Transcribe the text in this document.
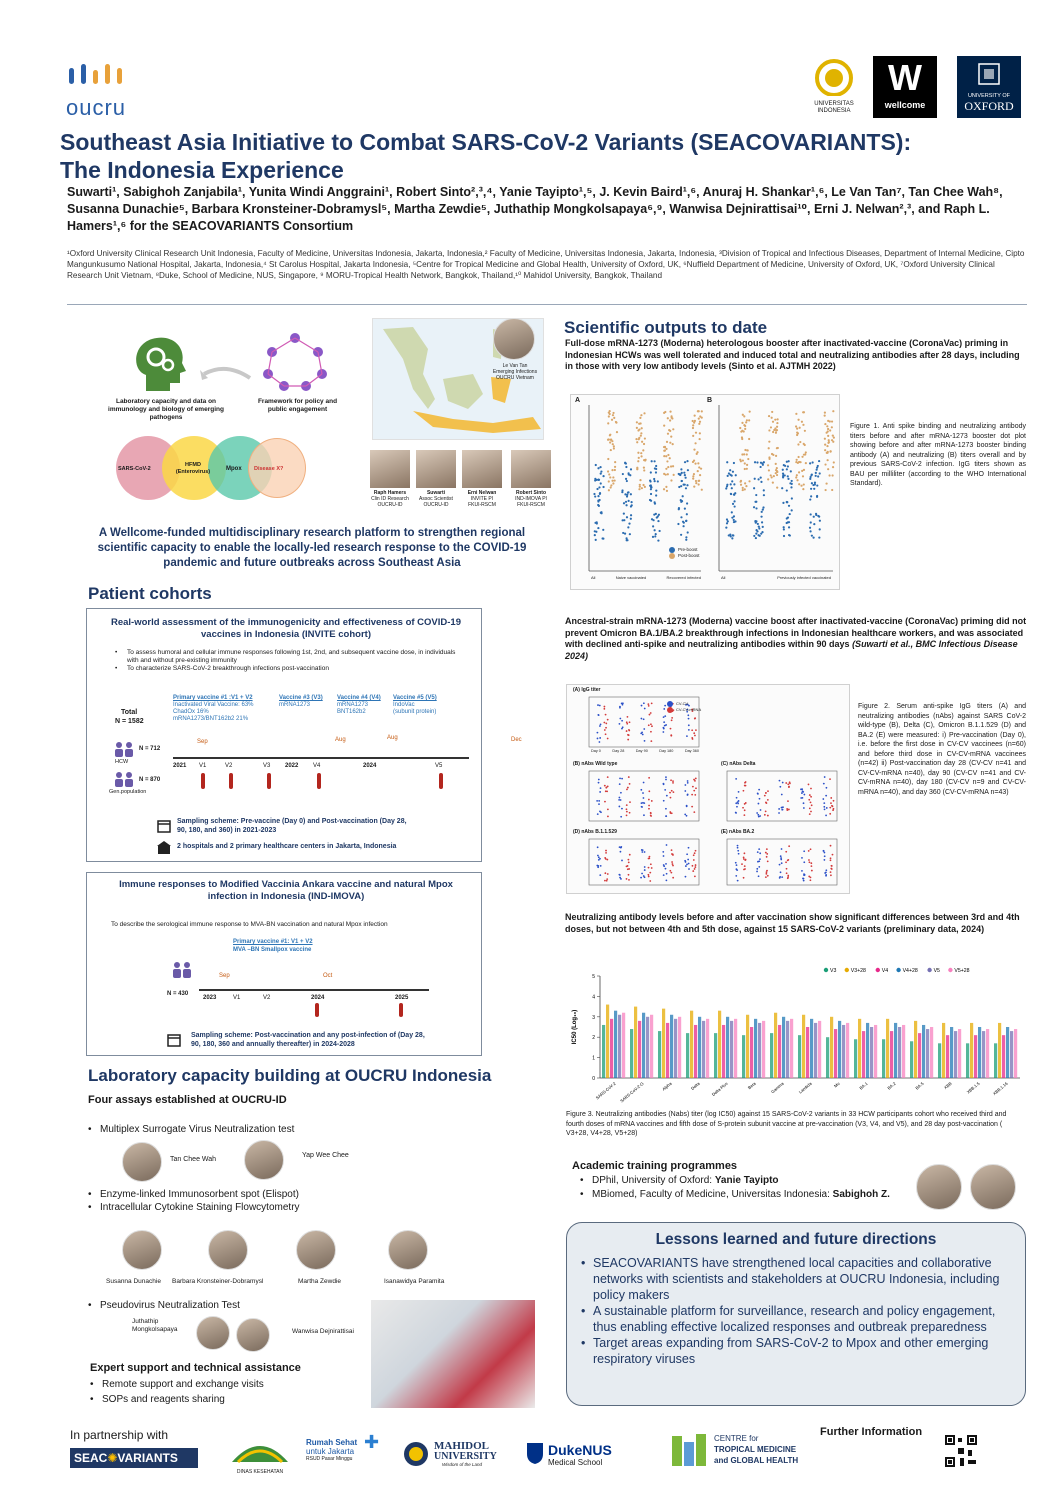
oucru	UNIVERSITAS INDONESIA
W
wellcome
UNIVERSITY OF
OXFORD
Southeast Asia Initiative to Combat SARS-CoV-2 Variants (SEACOVARIANTS):
The Indonesia Experience
Suwarti¹, Sabighoh Zanjabila¹, Yunita Windi Anggraini¹, Robert Sinto²,³,⁴, Yanie Tayipto¹,⁵, J. Kevin Baird¹,⁶, Anuraj H. Shankar¹,⁶, Le Van Tan⁷, Tan Chee Wah⁸, Susanna Dunachie⁵, Barbara Kronsteiner-Dobramysl⁵, Martha Zewdie⁵, Juthathip Mongkolsapaya⁶,⁹, Wanwisa Dejnirattisai¹⁰, Erni J. Nelwan²,³, and Raph L. Hamers¹,⁶ for the SEACOVARIANTS Consortium
¹Oxford University Clinical Research Unit Indonesia, Faculty of Medicine, Universitas Indonesia, Jakarta, Indonesia,² Faculty of Medicine, Universitas Indonesia, Jakarta, Indonesia, ³Division of Tropical and Infectious Diseases, Department of Internal Medicine, Cipto Mangunkusumo National Hospital, Jakarta, Indonesia,⁴ St Carolus Hospital, Jakarta Indonesia, ⁵Centre for Tropical Medicine and Global Health, University of Oxford, UK, ⁶Nuffield Department of Medicine, University of Oxford, UK, ⁷Oxford University Clinical Research Unit Vietnam, ⁸Duke, School of Medicine, NUS, Singapore, ⁹ MORU-Tropical Health Network, Bangkok, Thailand,¹⁰ Mahidol University, Bangkok, Thailand
Laboratory capacity and data on immunology and biology of emerging pathogens
Framework for policy and public engagement
SARS-CoV-2
HFMD (Enterovirus)	Mpox Disease X?
Le Van Tan
Emerging Infections
OUCRU Vietnam
Raph Hamers
Clin ID Research
OUCRU-ID
Suwarti
Assoc Scientist
OUCRU-ID
Erni Nelwan
INVITE PI
FKUI-RSCM
Robert Sinto
IND-IMOVA PI
FKUI-RSCM
A Wellcome-funded multidisciplinary research platform to strengthen regional scientific capacity to enable the locally-led research response to the COVID-19 pandemic and future outbreaks across Southeast Asia
Patient cohorts
Real-world assessment of the immunogenicity and effectiveness of COVID-19 vaccines in Indonesia (INVITE cohort)
• To assess humoral and cellular immune responses following 1st, 2nd, and subsequent vaccine dose, in individuals with and without pre-existing immunity
• To characterize SARS-CoV-2 breakthrough infections post-vaccination
Primary vaccine #1 :V1 + V2
Inactivated Viral Vaccine: 63%
ChadOx 16%
mRNA1273/BNT162b2 21%
Vaccine #3 (V3)
mRNA1273
Vaccine #4 (V4)
mRNA1273
BNT162b2
Vaccine #5 (V5)
IndoVac
(subunit protein)
Total
N = 1582
N = 712
HCW
N = 870
Gen.population
Sep	Aug	Aug	Dec
2021	2022	2024
V1	V2	V3	V4	V5
Sampling scheme: Pre-vaccine (Day 0) and Post-vaccination (Day 28, 90, 180, and 360) in 2021-2023
2 hospitals and 2 primary healthcare centers in Jakarta, Indonesia
Immune responses to Modified Vaccinia Ankara vaccine and natural Mpox infection in Indonesia (IND-IMOVA)
To describe the serological immune response to MVA-BN vaccination and natural Mpox infection
Primary vaccine #1: V1 + V2
MVA –BN Smallpox vaccine
N = 430
Sep	Oct
2023	2024	2025
V1	V2
Sampling scheme: Post-vaccination and any post-infection of (Day 28, 90, 180, 360 and annually thereafter) in 2024-2028
Laboratory capacity building at OUCRU Indonesia
Four assays established at OUCRU-ID
• Multiplex Surrogate Virus Neutralization test
Tan Chee Wah
Yap Wee Chee
• Enzyme-linked Immunosorbent spot (Elispot)
• Intracellular Cytokine Staining Flowcytometry
Susanna Dunachie Barbara Kronsteiner-Dobramysl	Martha Zewdie	Isanawidya Paramita
• Pseudovirus Neutralization Test
Juthathip Mongkolsapaya	Wanwisa Dejnirattisai
Expert support and technical assistance
• Remote support and exchange visits
• SOPs and reagents sharing
Scientific outputs to date
Full-dose mRNA-1273 (Moderna) heterologous booster after inactivated-vaccine (CoronaVac) priming in Indonesian HCWs was well tolerated and induced total and neutralizing antibodies after 28 days, including in those with very low antibody levels (Sinto et al. AJTMH 2022)
A	B
Pre-boost
Post-boost
All	Naive vaccinated	Recovered infected	All	Previously infected vaccinated
Figure 1. Anti spike binding and neutralizing antibody titers before and after mRNA-1273 booster dot plot showing before and after mRNA-1273 booster binding antibody (A) and neutralizing (B) titers overall and by previous SARS-CoV-2 infection. IgG titers shown as BAU per milliliter (according to the WHO International Standard).
Ancestral-strain mRNA-1273 (Moderna) vaccine boost after inactivated-vaccine (CoronaVac) priming did not prevent Omicron BA.1/BA.2 breakthrough infections in Indonesian healthcare workers, and was associated with declined anti-spike and neutralizing antibodies within 90 days (Suwarti et al., BMC Infectious Disease 2024)
(A) IgG titer
(B) nAbs Wild type	(C) nAbs Delta
(D) nAbs B.1.1.529	(E) nAbs BA.2
CV-CV
CV-CV-mRNA
Day 0	Day 28	Day 90	Day 180	Day 360
Figure 2. Serum anti-spike IgG titers (A) and neutralizing antibodies (nAbs) against SARS CoV-2 wild-type (B), Delta (C), Omicron B.1.1.529 (D) and BA.2 (E) were measured: i) Pre-vaccination (Day 0), i.e. before the first dose in CV-CV vaccinees (n=60) and before third dose in CV-CV-mRNA vaccinees (n=42) ii) Post-vaccination day 28 (CV-CV n=41 and CV-CV-mRNA n=40), day 90 (CV-CV n=41 and CV-CV-mRNA n=40), day 180 (CV-CV n=9 and CV-CV-mRNA n=40), and day 360 (CV-CV-mRNA n=43)
Neutralizing antibody levels before and after vaccination show significant differences between 3rd and 4th doses, but not between 4th and 5th dose, against 15 SARS-CoV-2 variants (preliminary data, 2024)
0
1
2
3
4
5
IC50 (Log₁₀)
SARS-CoV-2 SARS-CoV-2-G	Alpha	Delta Delta Plus	Beta	Gamma	Lambda	Mu	BA.1	BA.2	BA.5	XBB	XBB.1.5	XBB.1.16
V3	V3+28	V4	V4+28	V5	V5+28
Figure 3. Neutralizing antibodies (Nabs) titer (log IC50) against 15 SARS-CoV-2 variants in 33 HCW participants cohort who received third and fourth doses of mRNA vaccines and fifth dose of S-protein subunit vaccine at pre-vaccination (V3, V4, and V5), and 28 day post-vaccination ( V3+28, V4+28, V5+28)
Academic training programmes
• DPhil, University of Oxford: Yanie Tayipto
• MBiomed, Faculty of Medicine, Universitas Indonesia: Sabighoh Z.
Lessons learned and future directions
• SEACOVARIANTS have strengthened local capacities and collaborative networks with scientists and stakeholders at OUCRU Indonesia, including policy makers
• A sustainable platform for surveillance, research and policy engagement, thus enabling effective localized responses and outbreak preparedness
• Target areas expanding from SARS-CoV-2 to Mpox and other emerging respiratory viruses
In partnership with
SEAC✺VARIANTS
DINAS KESEHATAN
Rumah Sehat
untuk Jakarta
RSUD Pasar Minggu
✚	MAHIDOL
UNIVERSITY
Wisdom of the Land
DukeNUS
Medical School
CENTRE for
TROPICAL MEDICINE
and GLOBAL HEALTH
Further Information
